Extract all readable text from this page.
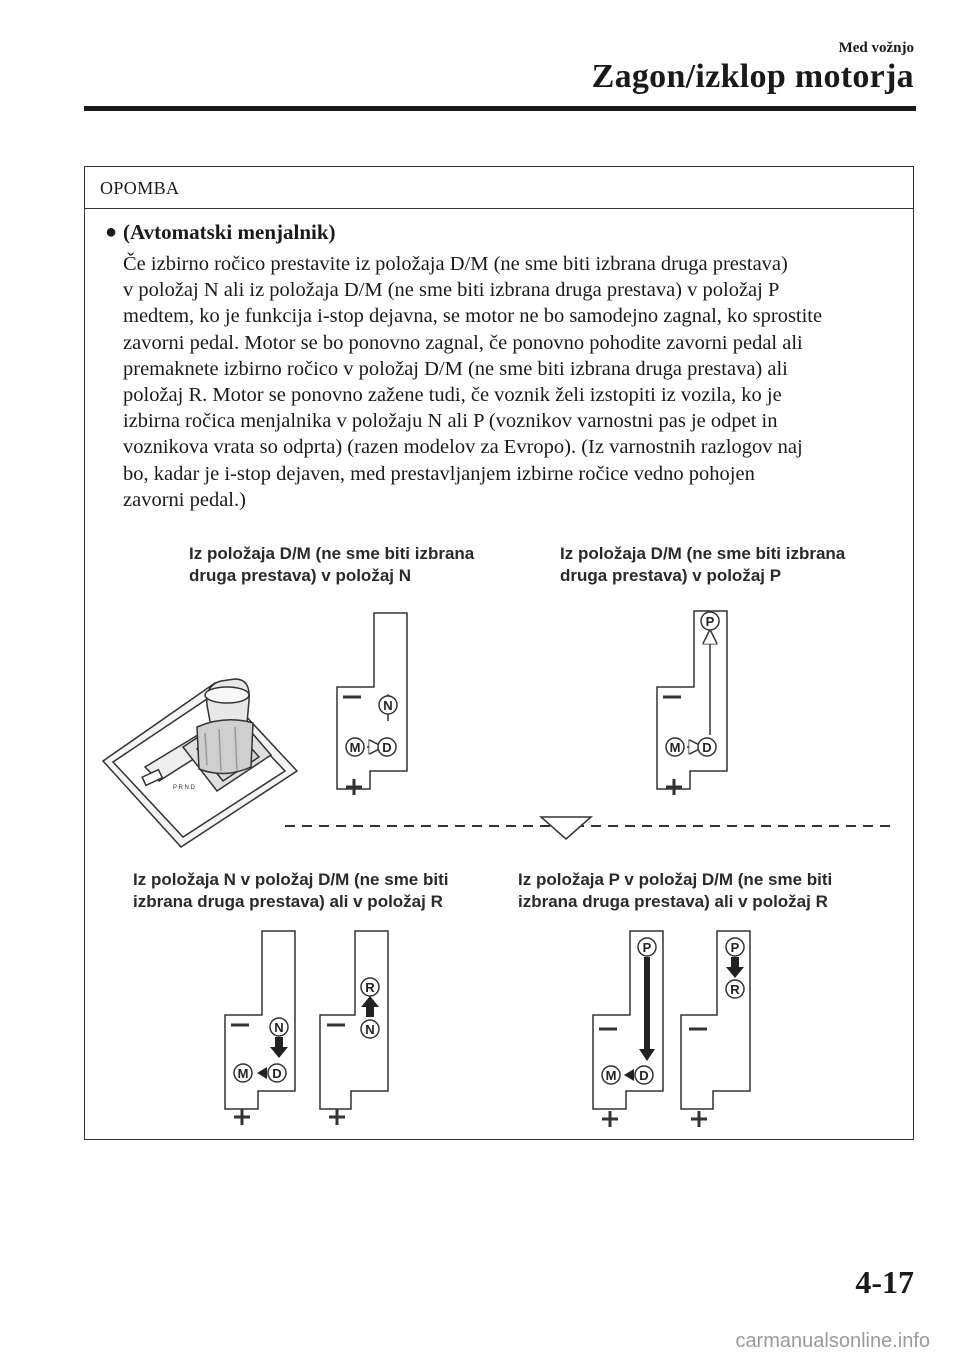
Med vožnjo
Zagon/izklop motorja
OPOMBA
● (Avtomatski menjalnik)
Če izbirno ročico prestavite iz položaja D/M (ne sme biti izbrana druga prestava)
v položaj N ali iz položaja D/M (ne sme biti izbrana druga prestava) v položaj P
medtem, ko je funkcija i-stop dejavna, se motor ne bo samodejno zagnal, ko sprostite
zavorni pedal. Motor se bo ponovno zagnal, če ponovno pohodite zavorni pedal ali
premaknete izbirno ročico v položaj D/M (ne sme biti izbrana druga prestava) ali
položaj R. Motor se ponovno zažene tudi, če voznik želi izstopiti iz vozila, ko je
izbirna ročica menjalnika v položaju N ali P (voznikov varnostni pas je odpet in
voznikova vrata so odprta) (razen modelov za Evropo). (Iz varnostnih razlogov naj
bo, kadar je i-stop dejaven, med prestavljanjem izbirne ročice vedno pohojen
zavorni pedal.)
Iz položaja D/M (ne sme biti izbrana
druga prestava) v položaj N
Iz položaja D/M (ne sme biti izbrana
druga prestava) v položaj P
Iz položaja N v položaj D/M (ne sme biti
izbrana druga prestava) ali v položaj R
Iz položaja P v položaj D/M (ne sme biti
izbrana druga prestava) ali v položaj R
P R N D
N
M D
P
M D
N
M D
R
N
P
M D
P
R
4-17
carmanualsonline.info
